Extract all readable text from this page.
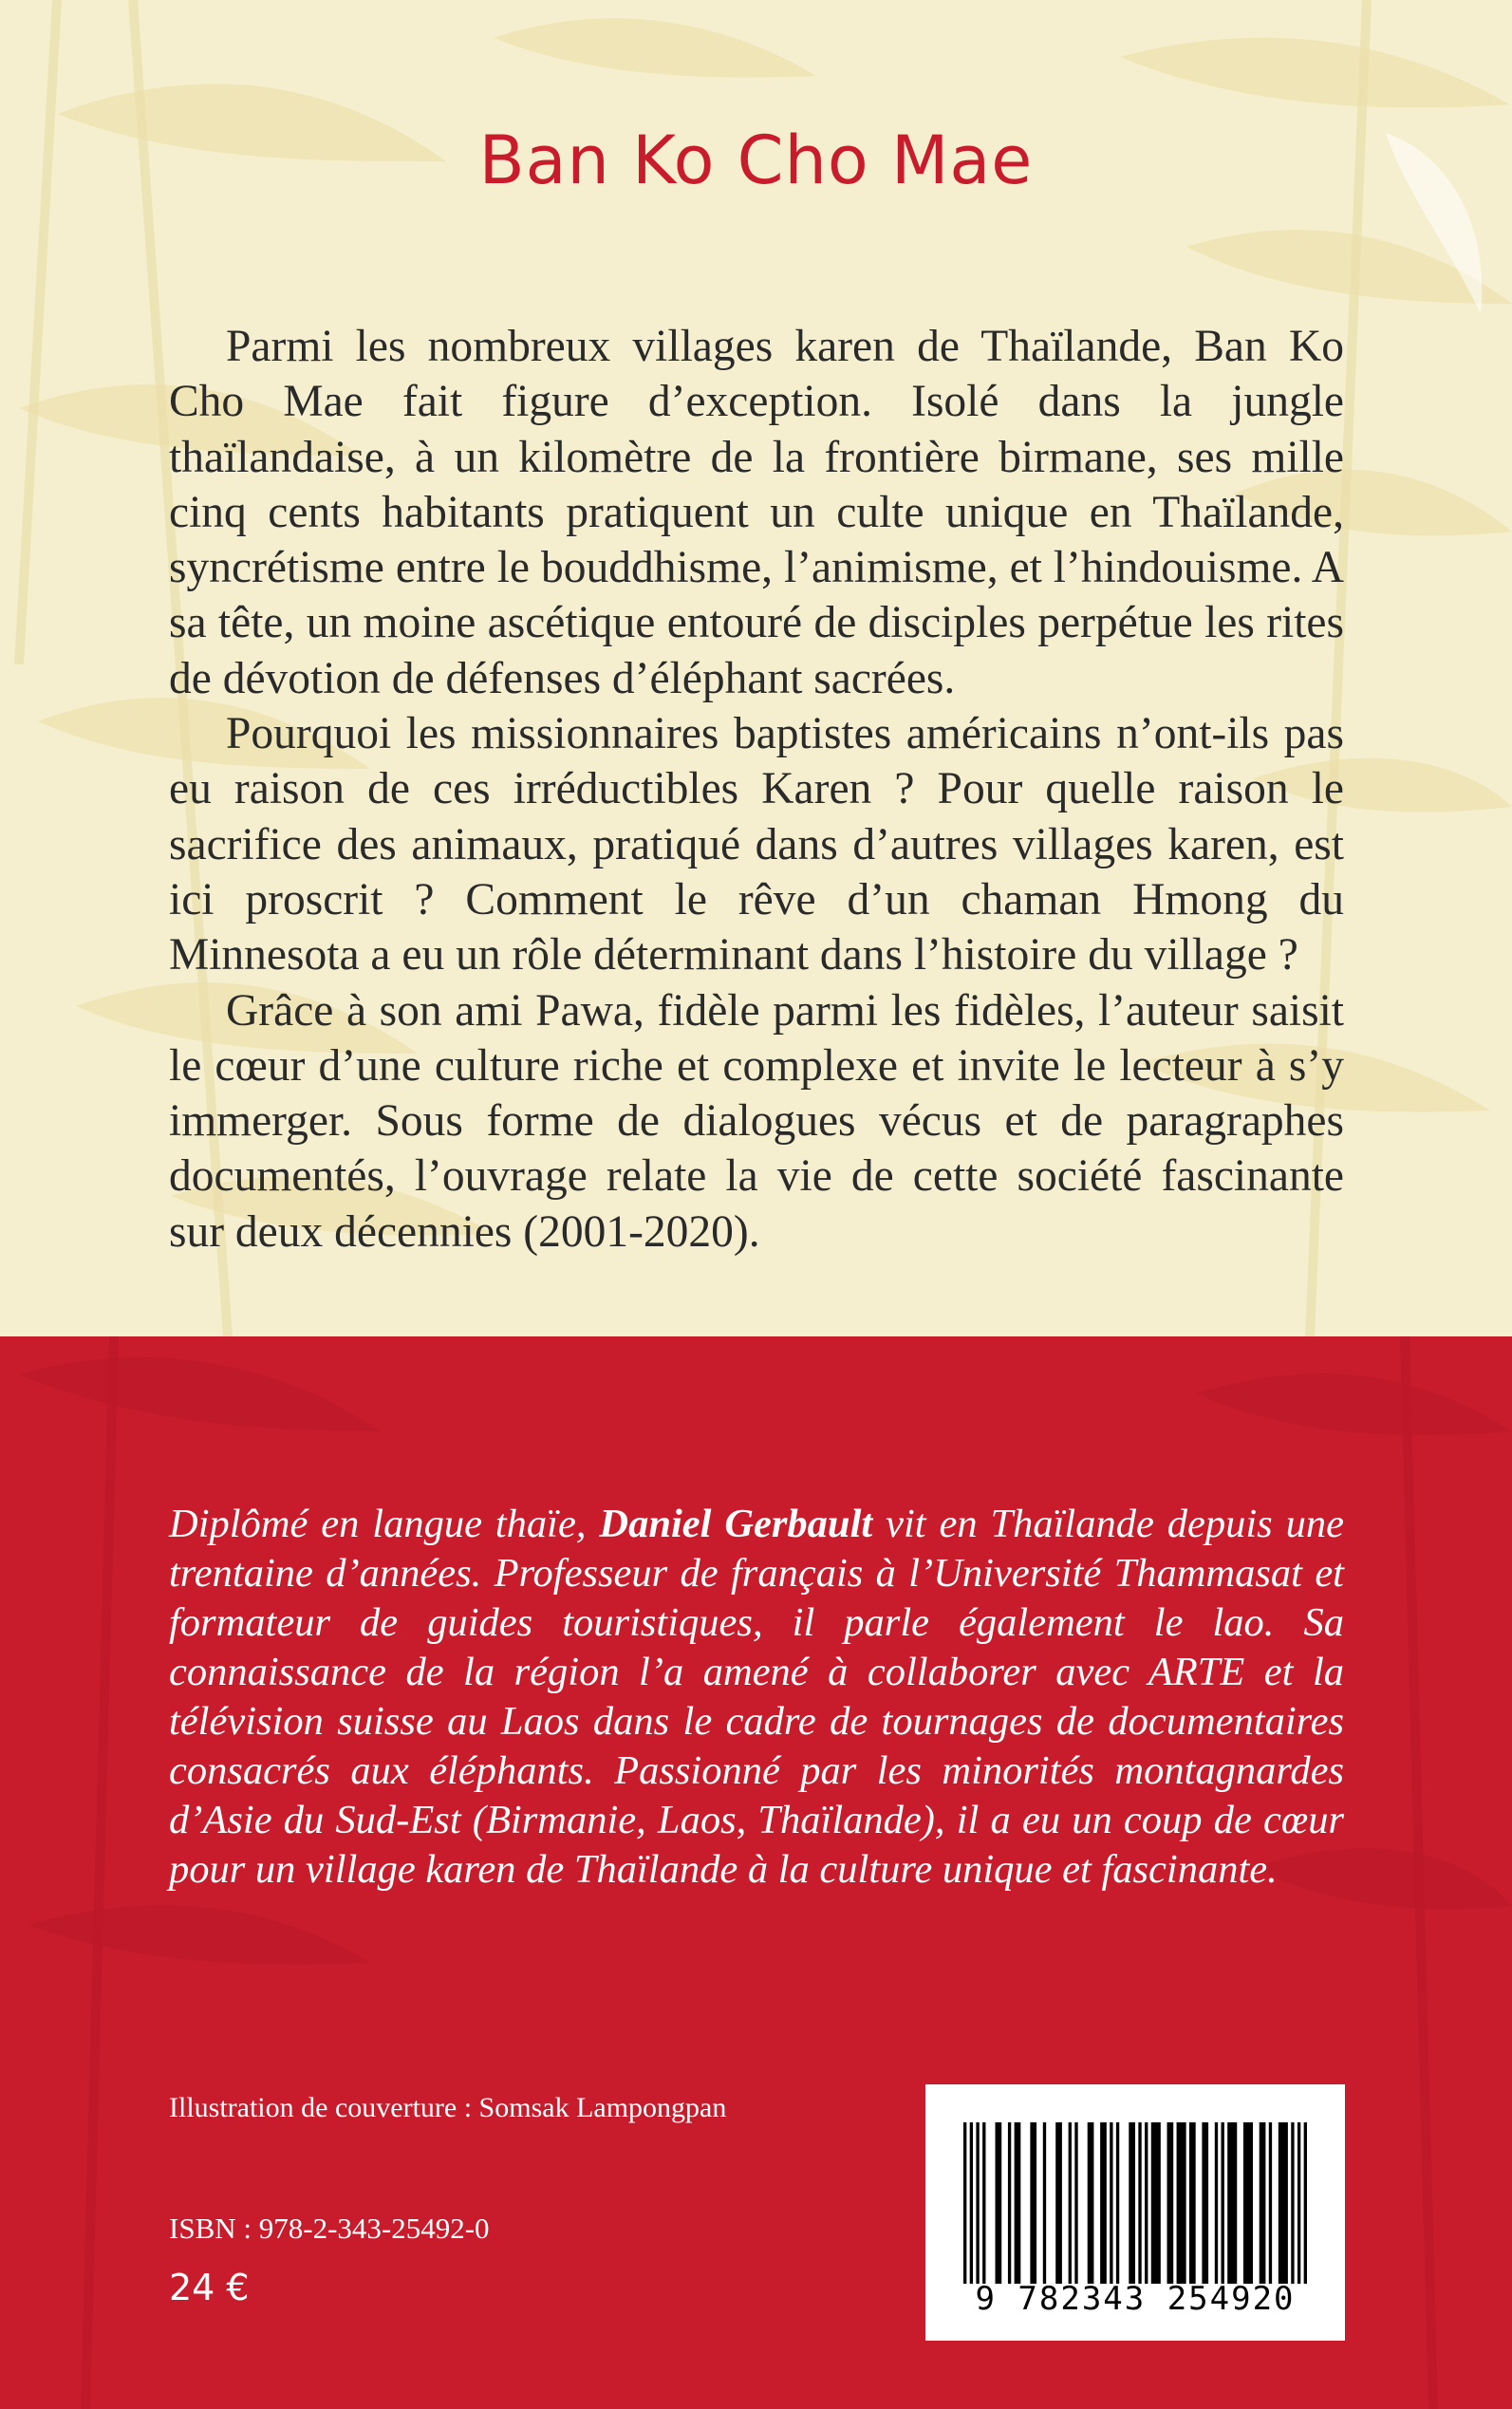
Ban Ko Cho Mae

Parmi les nombreux villages karen de Thaïlande, Ban Ko Cho Mae fait figure d’exception. Isolé dans la jungle thaïlandaise, à un kilomètre de la frontière birmane, ses mille cinq cents habitants pratiquent un culte unique en Thaïlande, syncrétisme entre le bouddhisme, l’animisme, et l’hindouisme. A sa tête, un moine ascétique entouré de disciples perpétue les rites de dévotion de défenses d’éléphant sacrées.

Pourquoi les missionnaires baptistes américains n’ont-ils pas eu raison de ces irréductibles Karen ? Pour quelle raison le sacrifice des animaux, pratiqué dans d’autres villages karen, est ici proscrit ? Comment le rêve d’un chaman Hmong du Minnesota a eu un rôle déterminant dans l’histoire du village ?

Grâce à son ami Pawa, fidèle parmi les fidèles, l’auteur saisit le cœur d’une culture riche et complexe et invite le lecteur à s’y immerger. Sous forme de dialogues vécus et de paragraphes documentés, l’ouvrage relate la vie de cette société fascinante sur deux décennies (2001-2020).

Diplômé en langue thaïe, Daniel Gerbault vit en Thaïlande depuis une trentaine d’années. Professeur de français à l’Université Thammasat et formateur de guides touristiques, il parle également le lao. Sa connaissance de la région l’a amené à collaborer avec ARTE et la télévision suisse au Laos dans le cadre de tournages de documentaires consacrés aux éléphants. Passionné par les minorités montagnardes d’Asie du Sud-Est (Birmanie, Laos, Thaïlande), il a eu un coup de cœur pour un village karen de Thaïlande à la culture unique et fascinante.

Illustration de couverture : Somsak Lampongpan

ISBN : 978-2-343-25492-0

24 €	9 782343 254920
